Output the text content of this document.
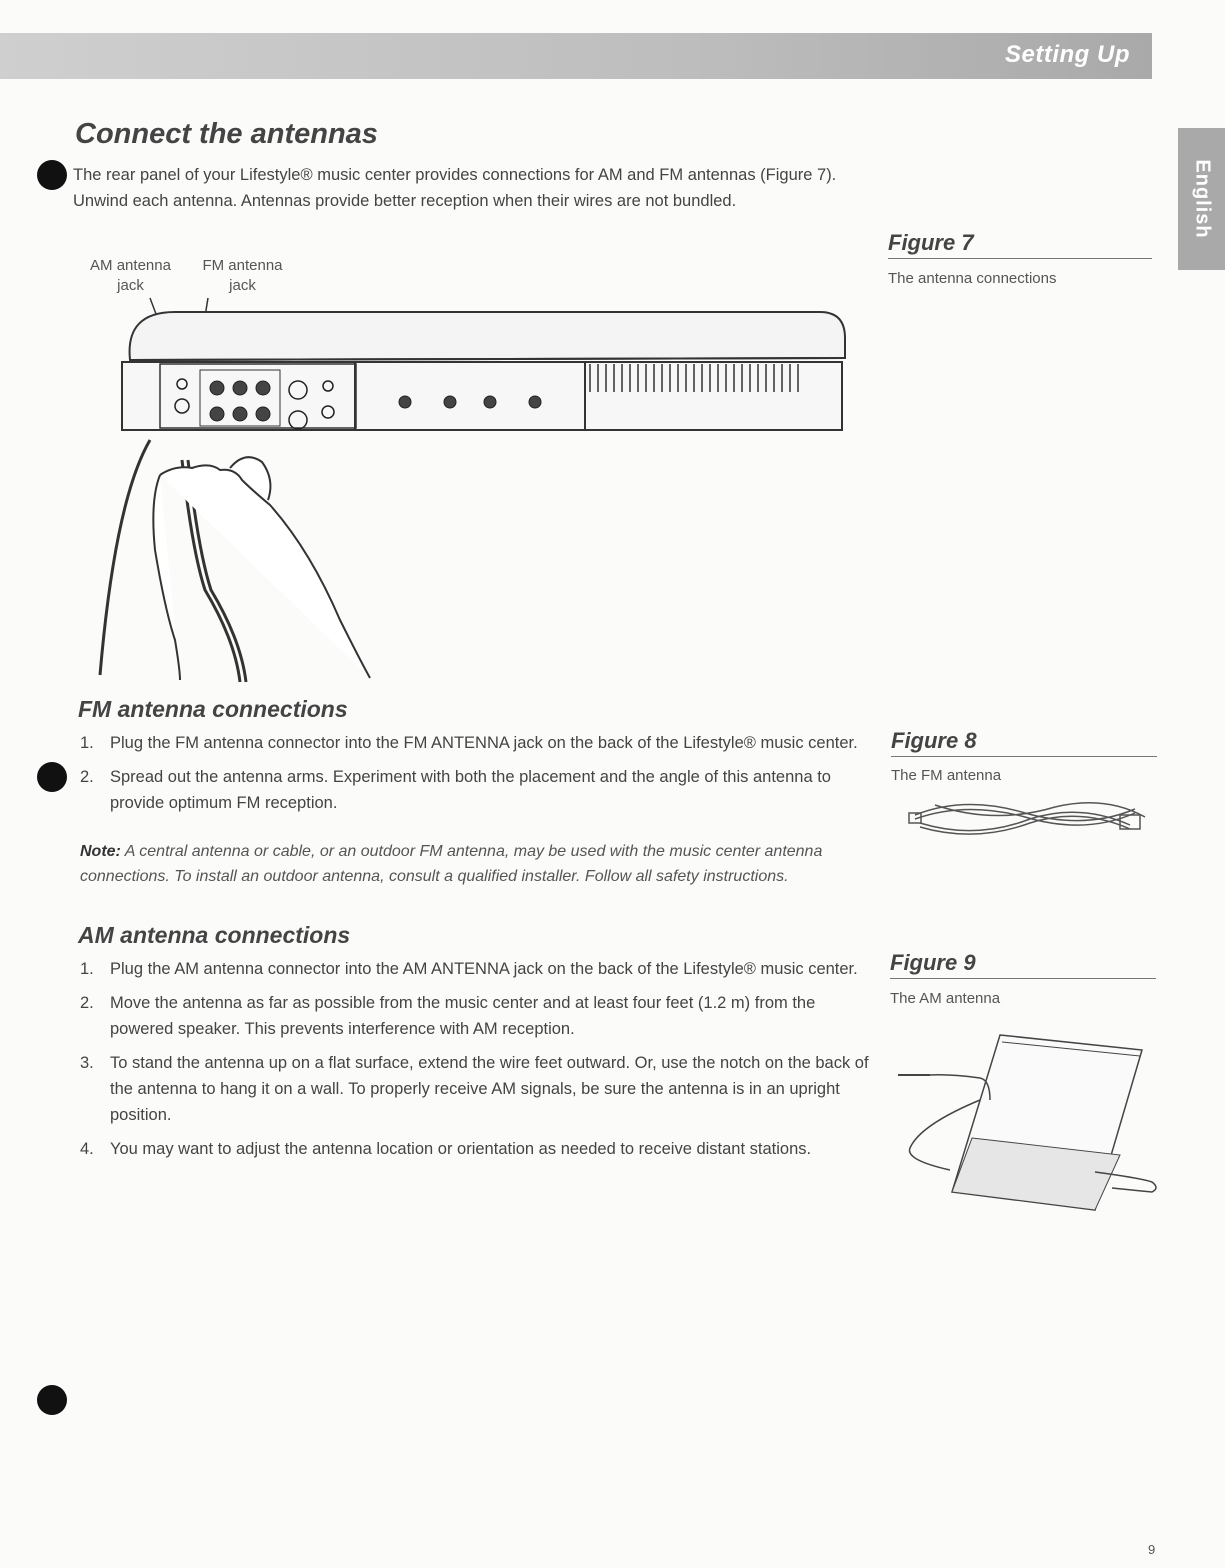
Setting Up
English
Connect the antennas

The rear panel of your Lifestyle® music center provides connections for AM and FM antennas (Figure 7). Unwind each antenna. Antennas provide better reception when their wires are not bundled.

AM antenna jack
FM antenna jack
FM antenna connections
1. Plug the FM antenna connector into the FM ANTENNA jack on the back of the Lifestyle® music center.
2. Spread out the antenna arms. Experiment with both the placement and the angle of this antenna to provide optimum FM reception.

Note: A central antenna or cable, or an outdoor FM antenna, may be used with the music center antenna connections. To install an outdoor antenna, consult a qualified installer. Follow all safety instructions.

AM antenna connections
1. Plug the AM antenna connector into the AM ANTENNA jack on the back of the Lifestyle® music center.
2. Move the antenna as far as possible from the music center and at least four feet (1.2 m) from the powered speaker. This prevents interference with AM reception.
3. To stand the antenna up on a flat surface, extend the wire feet outward. Or, use the notch on the back of the antenna to hang it on a wall. To properly receive AM signals, be sure the antenna is in an upright position.
4. You may want to adjust the antenna location or orientation as needed to receive distant stations.
Figure 7

The antenna connections

Figure 8

The FM antenna

Figure 9

The AM antenna

9
